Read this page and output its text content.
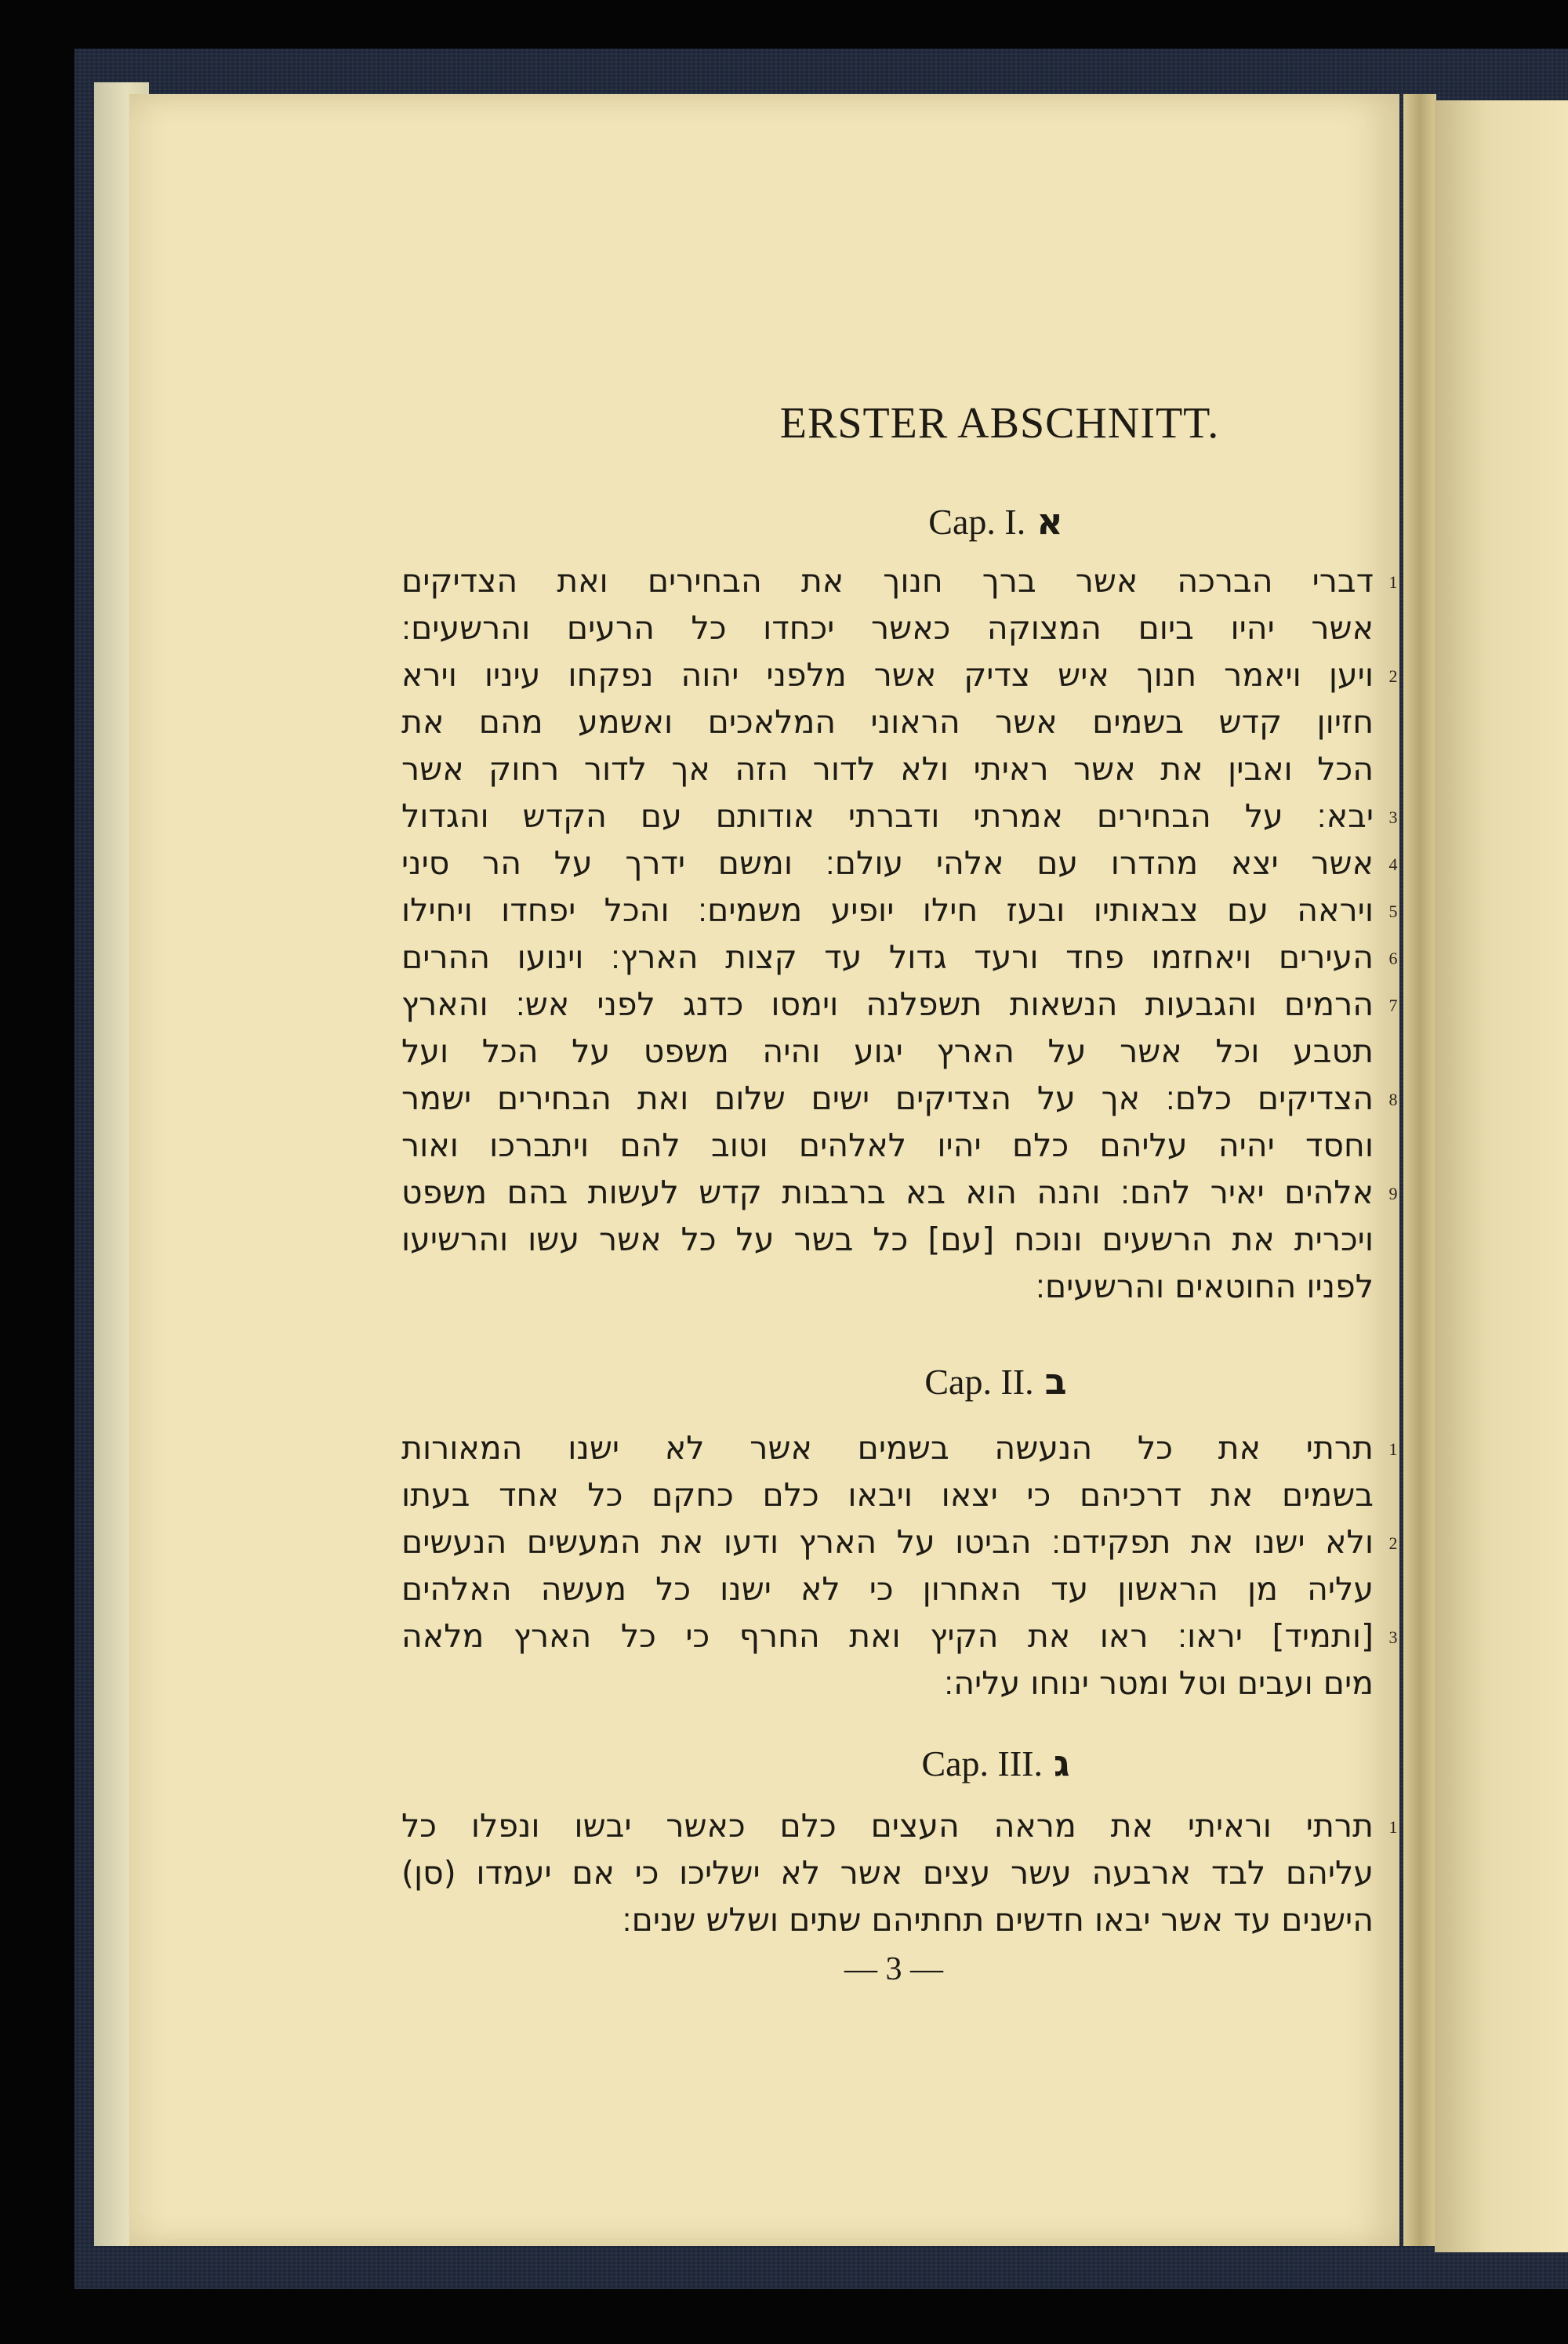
ERSTER ABSCHNITT.
Cap. I. א
דברי הברכה אשר ברך חנוך את הבחירים ואת הצדיקים
אשר יהיו ביום המצוקה כאשר יכחדו כל הרעים והרשעים׃
ויען ויאמר חנוך איש צדיק אשר מלפני יהוה נפקחו עיניו וירא
חזיון קדש בשמים אשר הראוני המלאכים ואשמע מהם את
הכל ואבין את אשר ראיתי ולא לדור הזה אך לדור רחוק אשר
יבא׃ על הבחירים אמרתי ודברתי אודותם עם הקדש והגדול
אשר יצא מהדרו עם אלהי עולם׃ ומשם ידרך על הר סיני
ויראה עם צבאותיו ובעז חילו יופיע משמים׃ והכל יפחדו ויחילו
העירים ויאחזמו פחד ורעד גדול עד קצות הארץ׃ וינועו ההרים
הרמים והגבעות הנשאות תשפלנה וימסו כדנג לפני אש׃ והארץ
תטבע וכל אשר על הארץ יגוע והיה משפט על הכל ועל
הצדיקים כלם׃ אך על הצדיקים ישים שלום ואת הבחירים ישמר
וחסד יהיה עליהם כלם יהיו לאלהים וטוב להם ויתברכו ואור
אלהים יאיר להם׃ והנה הוא בא ברבבות קדש לעשות בהם משפט
ויכרית את הרשעים ונוכח [עם] כל בשר על כל אשר עשו והרשיעו
לפניו החוטאים והרשעים׃
1
2
3
4
5
6
7
8
9
Cap. II. ב
תרתי את כל הנעשה בשמים אשר לא ישנו המאורות
בשמים את דרכיהם כי יצאו ויבאו כלם כחקם כל אחד בעתו
ולא ישנו את תפקידם׃ הביטו על הארץ ודעו את המעשים הנעשים
עליה מן הראשון עד האחרון כי לא ישנו כל מעשה האלהים
[ותמיד] יראו׃ ראו את הקיץ ואת החרף כי כל הארץ מלאה
מים ועבים וטל ומטר ינוחו עליה׃
1
2
3
Cap. III. ג
תרתי וראיתי את מראה העצים כלם כאשר יבשו ונפלו כל
עליהם לבד ארבעה עשר עצים אשר לא ישליכו כי אם יעמדו (סן)
הישנים עד אשר יבאו חדשים תחתיהם שתים ושלש שנים׃
1
— 3 —
